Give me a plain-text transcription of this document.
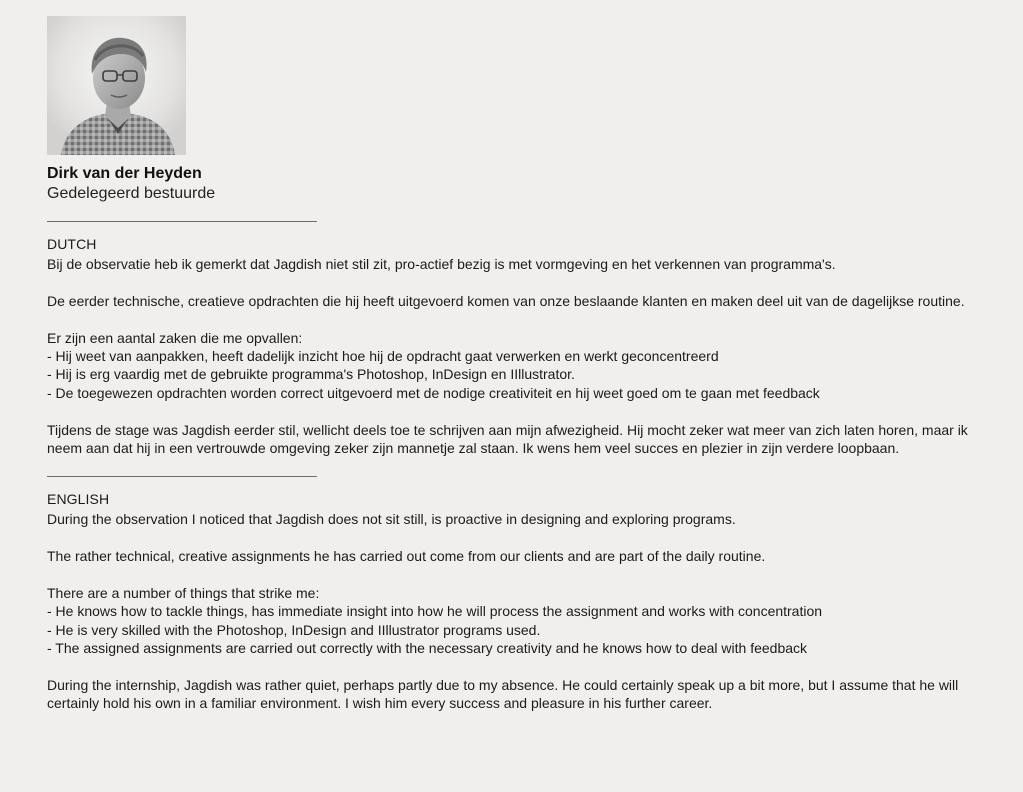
Dirk van der Heyden
Gedelegeerd bestuurde
DUTCH

Bij de observatie heb ik gemerkt dat Jagdish niet stil zit, pro-actief bezig is met vormgeving en het verkennen van programma's.

De eerder technische, creatieve opdrachten die hij heeft uitgevoerd komen van onze beslaande klanten en maken deel uit van de dagelijkse routine.

Er zijn een aantal zaken die me opvallen:
- Hij weet van aanpakken, heeft dadelijk inzicht hoe hij de opdracht gaat verwerken en werkt geconcentreerd
- Hij is erg vaardig met de gebruikte programma's Photoshop, InDesign en IIllustrator.
- De toegewezen opdrachten worden correct uitgevoerd met de nodige creativiteit en hij weet goed om te gaan met feedback

Tijdens de stage was Jagdish eerder stil, wellicht deels toe te schrijven aan mijn afwezigheid. Hij mocht zeker wat meer van zich laten horen, maar ik neem aan dat hij in een vertrouwde omgeving zeker zijn mannetje zal staan. Ik wens hem veel succes en plezier in zijn verdere loopbaan.

ENGLISH

During the observation I noticed that Jagdish does not sit still, is proactive in designing and exploring programs.

The rather technical, creative assignments he has carried out come from our clients and are part of the daily routine.

There are a number of things that strike me:
- He knows how to tackle things, has immediate insight into how he will process the assignment and works with concentration
- He is very skilled with the Photoshop, InDesign and IIllustrator programs used.
- The assigned assignments are carried out correctly with the necessary creativity and he knows how to deal with feedback

During the internship, Jagdish was rather quiet, perhaps partly due to my absence. He could certainly speak up a bit more, but I assume that he will certainly hold his own in a familiar environment. I wish him every success and pleasure in his further career.
